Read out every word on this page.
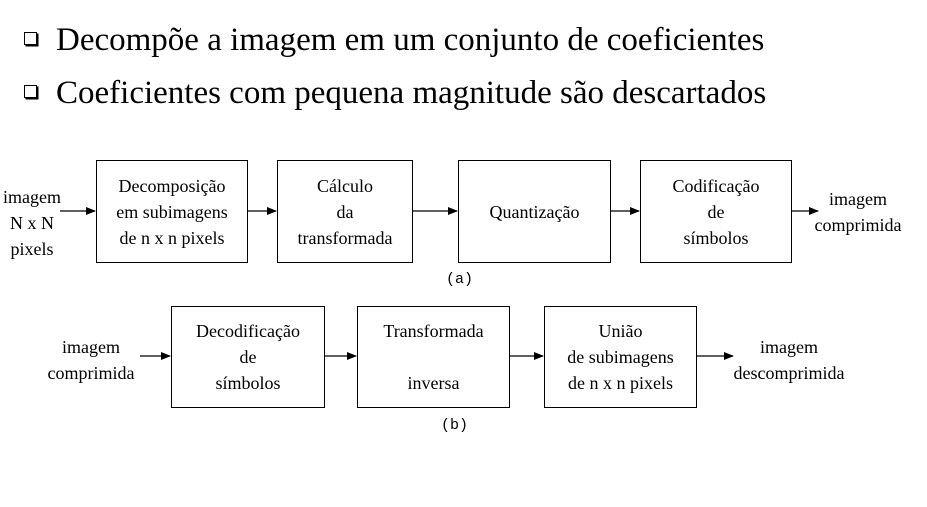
Decompõe a imagem em um conjunto de coeficientes
Coeficientes com pequena magnitude são descartados
imagem
N x N
pixels
Decomposição
em subimagens
de n x n pixels
Cálculo
da
transformada
Quantização
Codificação
de
símbolos
imagem
comprimida
(a)
imagem
comprimida
Decodificação
de
símbolos
Transformada

inversa
União
de subimagens
de n x n pixels
imagem
descomprimida
(b)
